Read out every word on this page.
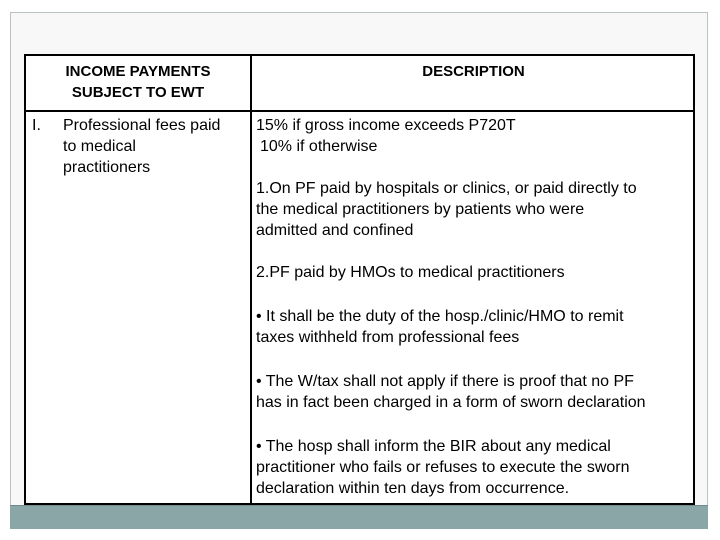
INCOME PAYMENTS
SUBJECT TO EWT
DESCRIPTION
I. Professional fees paid
to medical
practitioners
15% if gross income exceeds P720T
10% if otherwise
1.On PF paid by hospitals or clinics, or paid directly to
the medical practitioners by patients who were
admitted and confined
2.PF paid by HMOs to medical practitioners
• It shall be the duty of the hosp./clinic/HMO to remit
taxes withheld from professional fees
• The W/tax shall not apply if there is proof that no PF
has in fact been charged in a form of sworn declaration
• The hosp shall inform the BIR about any medical
practitioner who fails or refuses to execute the sworn
declaration within ten days from occurrence.
